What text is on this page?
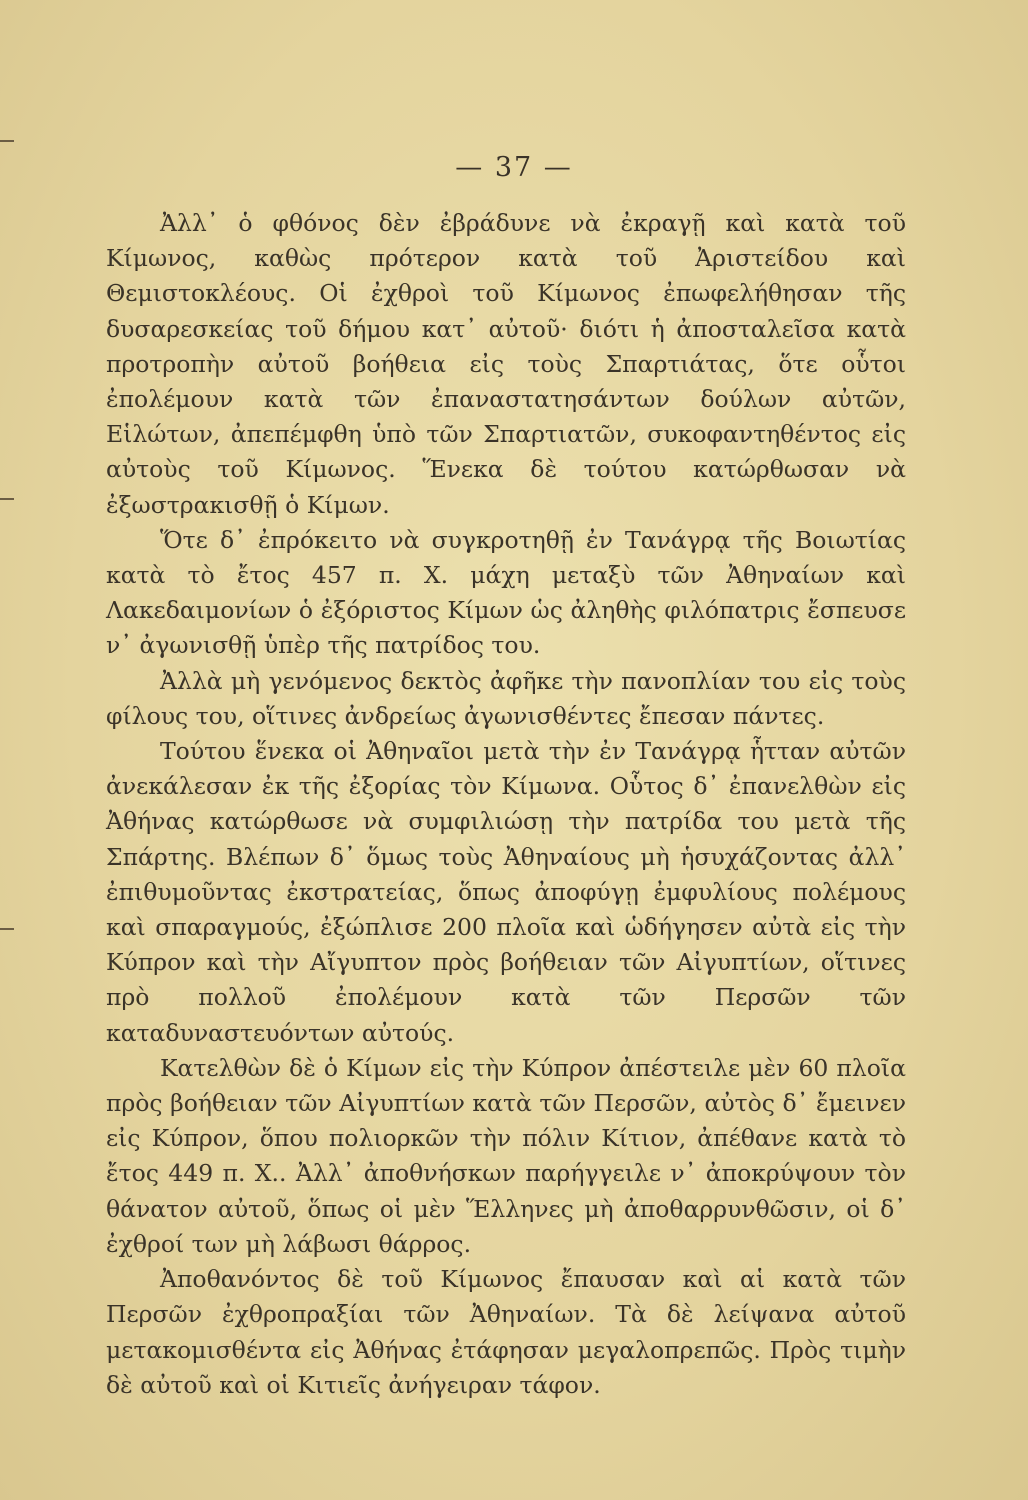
— 37 —

Ἀλλ᾽ ὁ φθόνος δὲν ἐβράδυνε νὰ ἐκραγῇ καὶ κατὰ τοῦ Κίμωνος, καθὼς πρότερον κατὰ τοῦ Ἀριστείδου καὶ Θεμιστοκλέους. Οἱ ἐχθροὶ τοῦ Κίμωνος ἐπωφελήθησαν τῆς δυσαρεσκείας τοῦ δήμου κατ᾽ αὐτοῦ· διότι ἡ ἀποσταλεῖσα κατὰ προτροπὴν αὐτοῦ βοήθεια εἰς τοὺς Σπαρτιάτας, ὅτε οὗτοι ἐπολέμουν κατὰ τῶν ἐπαναστατησάντων δούλων αὐτῶν, Εἱλώτων, ἀπεπέμφθη ὑπὸ τῶν Σπαρτιατῶν, συκοφαντηθέντος εἰς αὐτοὺς τοῦ Κίμωνος. Ἕνεκα δὲ τούτου κατώρθωσαν νὰ ἐξωστρακισθῇ ὁ Κίμων.

Ὅτε δ᾽ ἐπρόκειτο νὰ συγκροτηθῇ ἐν Τανάγρᾳ τῆς Βοιωτίας κατὰ τὸ ἔτος 457 π. Χ. μάχη μεταξὺ τῶν Ἀθηναίων καὶ Λακεδαιμονίων ὁ ἐξόριστος Κίμων ὡς ἀληθὴς φιλόπατρις ἔσπευσε ν᾽ ἀγωνισθῇ ὑπὲρ τῆς πατρίδος του.

Ἀλλὰ μὴ γενόμενος δεκτὸς ἀφῆκε τὴν πανοπλίαν του εἰς τοὺς φίλους του, οἵτινες ἀνδρείως ἀγωνισθέντες ἔπεσαν πάντες.

Τούτου ἕνεκα οἱ Ἀθηναῖοι μετὰ τὴν ἐν Τανάγρᾳ ἧτταν αὐτῶν ἀνεκάλεσαν ἐκ τῆς ἐξορίας τὸν Κίμωνα. Οὗτος δ᾽ ἐπανελθὼν εἰς Ἀθήνας κατώρθωσε νὰ συμφιλιώσῃ τὴν πατρίδα του μετὰ τῆς Σπάρτης. Βλέπων δ᾽ ὅμως τοὺς Ἀθηναίους μὴ ἡσυχάζοντας ἀλλ᾽ ἐπιθυμοῦντας ἐκστρατείας, ὅπως ἀποφύγῃ ἐμφυλίους πολέμους καὶ σπαραγμούς, ἐξώπλισε 200 πλοῖα καὶ ὡδήγησεν αὐτὰ εἰς τὴν Κύπρον καὶ τὴν Αἴγυπτον πρὸς βοήθειαν τῶν Αἰγυπτίων, οἵτινες πρὸ πολλοῦ ἐπολέμουν κατὰ τῶν Περσῶν τῶν καταδυναστευόντων αὐτούς.

Κατελθὼν δὲ ὁ Κίμων εἰς τὴν Κύπρον ἀπέστειλε μὲν 60 πλοῖα πρὸς βοήθειαν τῶν Αἰγυπτίων κατὰ τῶν Περσῶν, αὐτὸς δ᾽ ἔμεινεν εἰς Κύπρον, ὅπου πολιορκῶν τὴν πόλιν Κίτιον, ἀπέθανε κατὰ τὸ ἔτος 449 π. Χ.. Ἀλλ᾽ ἀποθνήσκων παρήγγειλε ν᾽ ἀποκρύψουν τὸν θάνατον αὐτοῦ, ὅπως οἱ μὲν Ἕλληνες μὴ ἀποθαρρυνθῶσιν, οἱ δ᾽ ἐχθροί των μὴ λάβωσι θάρρος.

Ἀποθανόντος δὲ τοῦ Κίμωνος ἔπαυσαν καὶ αἱ κατὰ τῶν Περσῶν ἐχθροπραξίαι τῶν Ἀθηναίων. Τὰ δὲ λείψανα αὐτοῦ μετακομισθέντα εἰς Ἀθήνας ἐτάφησαν μεγαλοπρεπῶς. Πρὸς τιμὴν δὲ αὐτοῦ καὶ οἱ Κιτιεῖς ἀνήγειραν τάφον.
